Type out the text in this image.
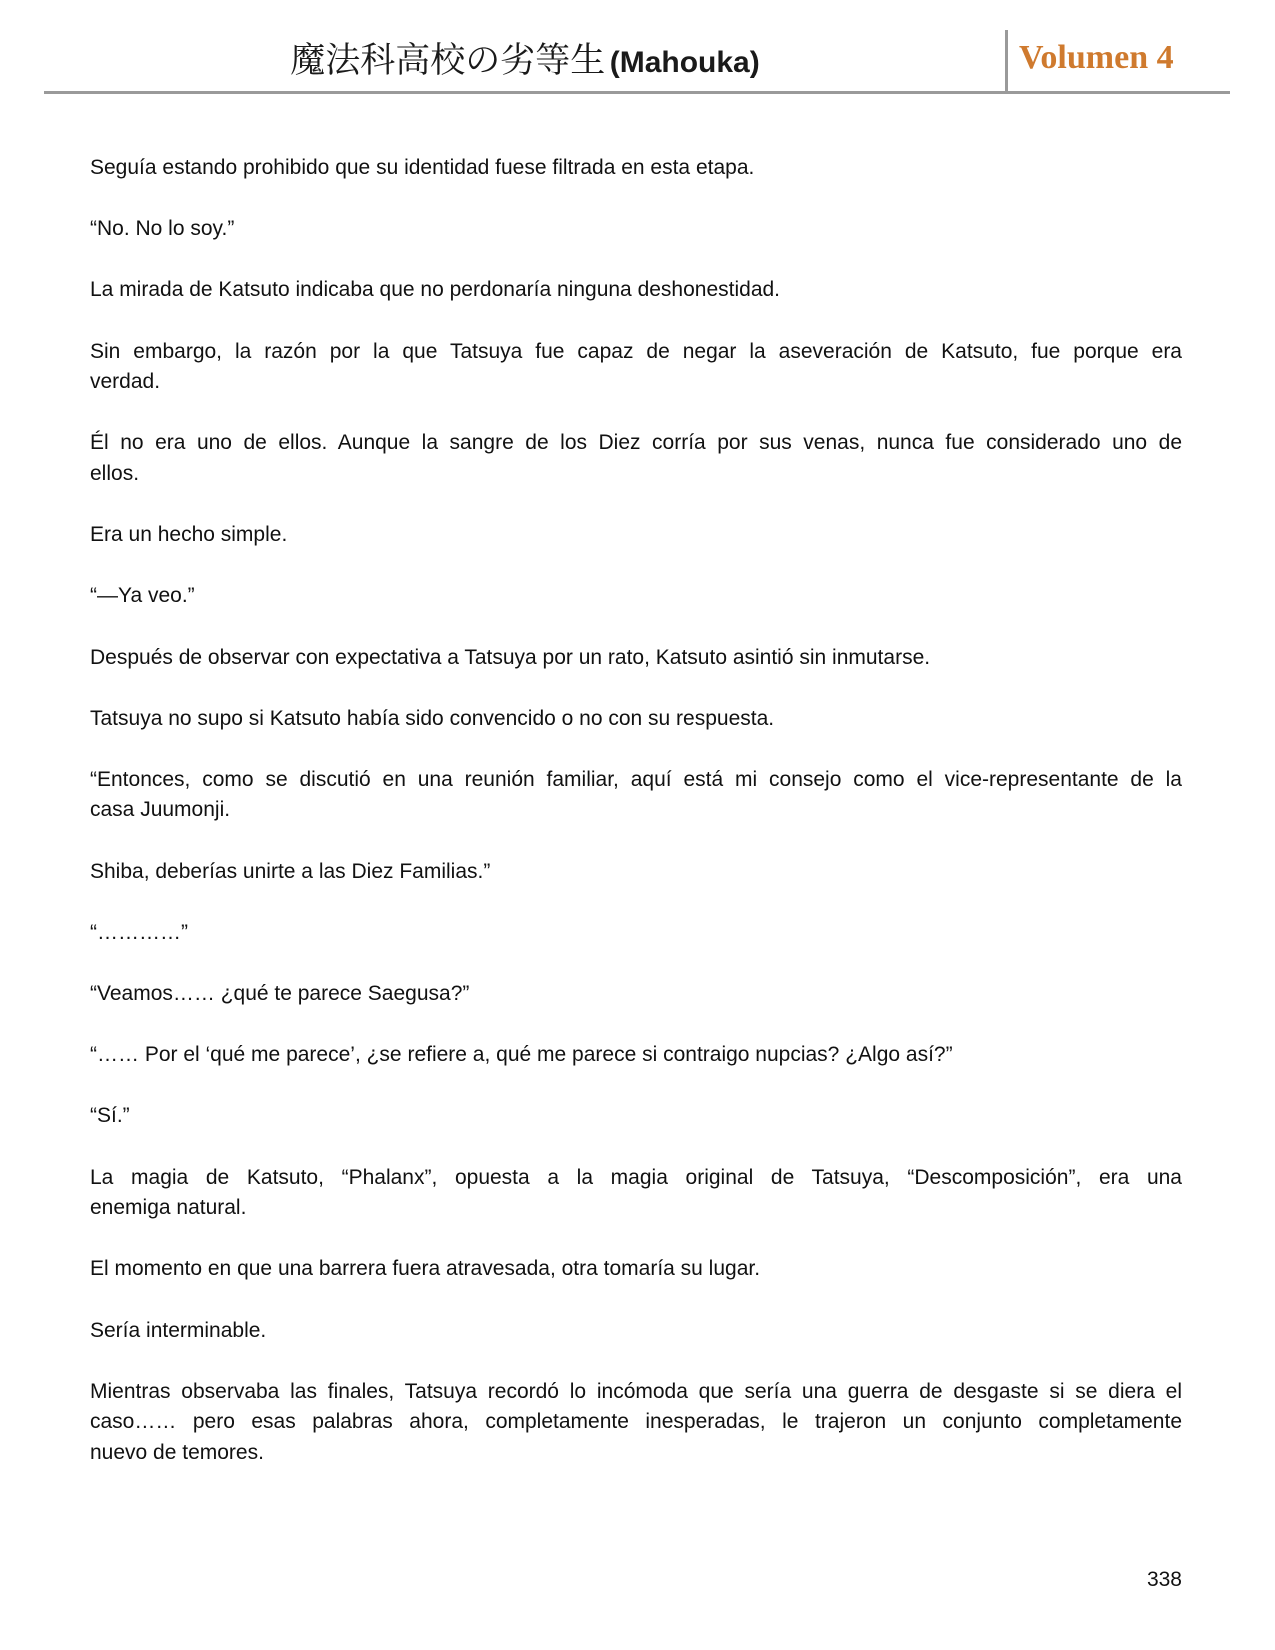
魔法科高校の劣等生 (Mahouka)	Volumen 4
Seguía estando prohibido que su identidad fuese filtrada en esta etapa.
“No. No lo soy.”
La mirada de Katsuto indicaba que no perdonaría ninguna deshonestidad.
Sin embargo, la razón por la que Tatsuya fue capaz de negar la aseveración de Katsuto, fue porque era
verdad.
Él no era uno de ellos. Aunque la sangre de los Diez corría por sus venas, nunca fue considerado uno de
ellos.
Era un hecho simple.
“—Ya veo.”
Después de observar con expectativa a Tatsuya por un rato, Katsuto asintió sin inmutarse.
Tatsuya no supo si Katsuto había sido convencido o no con su respuesta.
“Entonces, como se discutió en una reunión familiar, aquí está mi consejo como el vice-representante de la
casa Juumonji.
Shiba, deberías unirte a las Diez Familias.”
“…………”
“Veamos…… ¿qué te parece Saegusa?”
“…… Por el ‘qué me parece’, ¿se refiere a, qué me parece si contraigo nupcias? ¿Algo así?”
“Sí.”
La magia de Katsuto, “Phalanx”, opuesta a la magia original de Tatsuya, “Descomposición”, era una
enemiga natural.
El momento en que una barrera fuera atravesada, otra tomaría su lugar.
Sería interminable.
Mientras observaba las finales, Tatsuya recordó lo incómoda que sería una guerra de desgaste si se diera el
caso…… pero esas palabras ahora, completamente inesperadas, le trajeron un conjunto completamente
nuevo de temores.
338
